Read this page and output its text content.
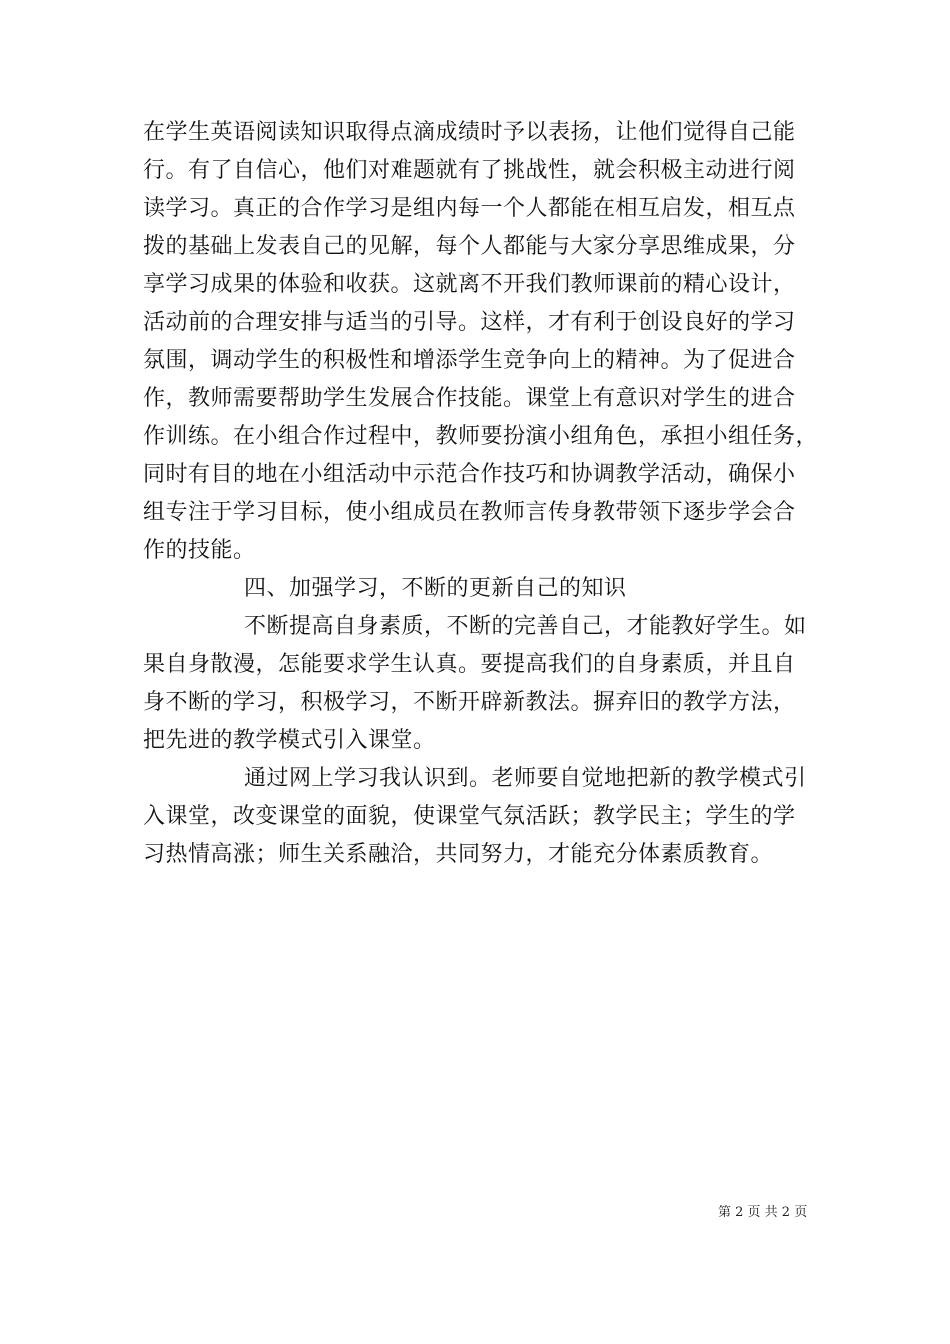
在学生英语阅读知识取得点滴成绩时予以表扬，让他们觉得自己能
行。有了自信心，他们对难题就有了挑战性，就会积极主动进行阅
读学习。真正的合作学习是组内每一个人都能在相互启发，相互点
拨的基础上发表自己的见解，每个人都能与大家分享思维成果，分
享学习成果的体验和收获。这就离不开我们教师课前的精心设计，
活动前的合理安排与适当的引导。这样，才有利于创设良好的学习
氛围，调动学生的积极性和增添学生竞争向上的精神。为了促进合
作，教师需要帮助学生发展合作技能。课堂上有意识对学生的进合
作训练。在小组合作过程中，教师要扮演小组角色，承担小组任务，
同时有目的地在小组活动中示范合作技巧和协调教学活动，确保小
组专注于学习目标，使小组成员在教师言传身教带领下逐步学会合
作的技能。
四、加强学习，不断的更新自己的知识
不断提高自身素质，不断的完善自己，才能教好学生。如
果自身散漫，怎能要求学生认真。要提高我们的自身素质，并且自
身不断的学习，积极学习，不断开辟新教法。摒弃旧的教学方法，
把先进的教学模式引入课堂。
通过网上学习我认识到。老师要自觉地把新的教学模式引
入课堂，改变课堂的面貌，使课堂气氛活跃；教学民主；学生的学
习热情高涨；师生关系融洽，共同努力，才能充分体素质教育。
第 2 页 共 2 页
